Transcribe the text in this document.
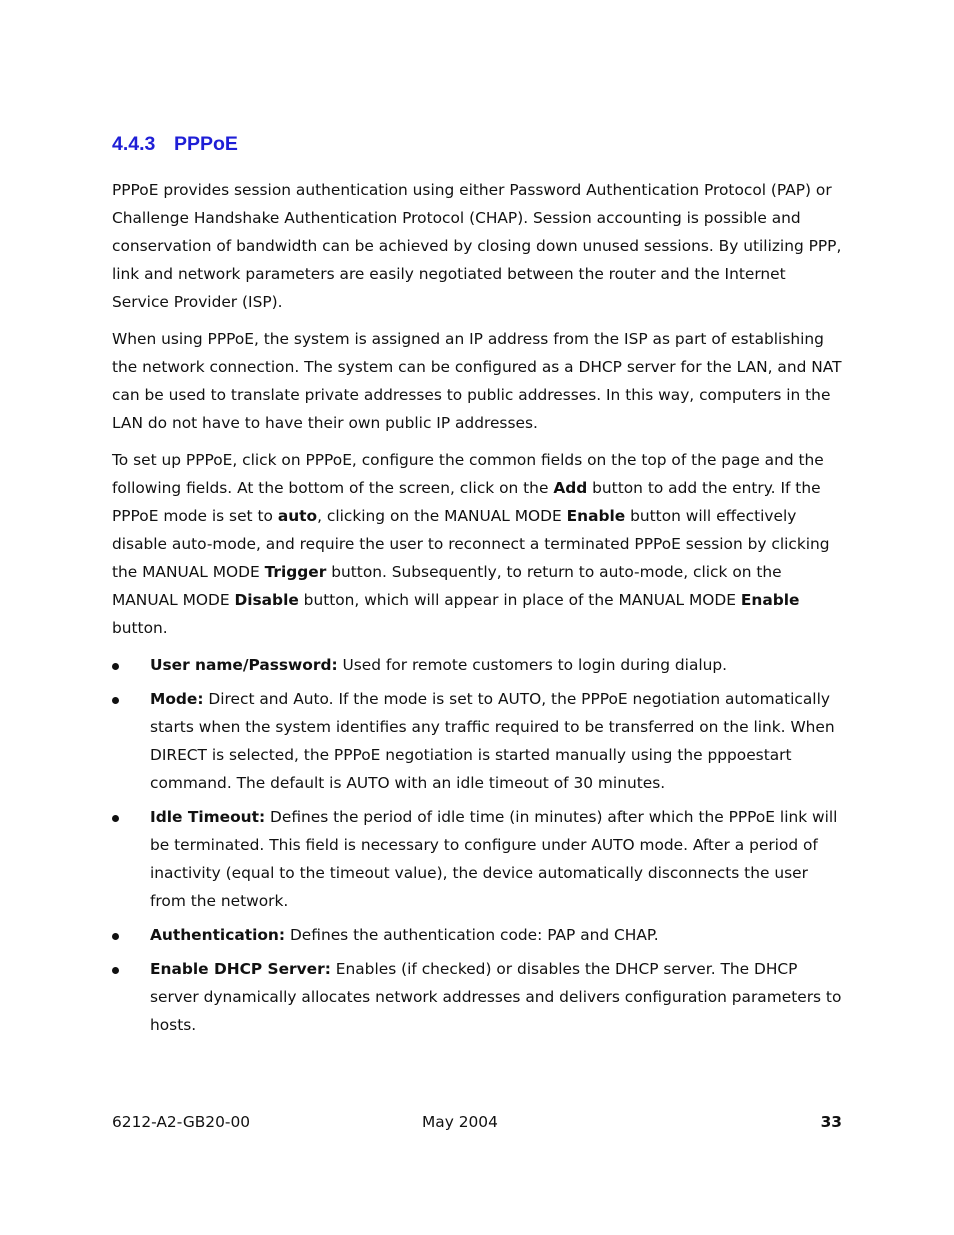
4.4.3 PPPoE

PPPoE provides session authentication using either Password Authentication Protocol (PAP) or Challenge Handshake Authentication Protocol (CHAP). Session accounting is possible and conservation of bandwidth can be achieved by closing down unused sessions. By utilizing PPP, link and network parameters are easily negotiated between the router and the Internet Service Provider (ISP).

When using PPPoE, the system is assigned an IP address from the ISP as part of establishing the network connection. The system can be configured as a DHCP server for the LAN, and NAT can be used to translate private addresses to public addresses. In this way, computers in the LAN do not have to have their own public IP addresses.

To set up PPPoE, click on PPPoE, configure the common fields on the top of the page and the following fields. At the bottom of the screen, click on the Add button to add the entry. If the PPPoE mode is set to auto, clicking on the MANUAL MODE Enable button will effectively disable auto-mode, and require the user to reconnect a terminated PPPoE session by clicking the MANUAL MODE Trigger button. Subsequently, to return to auto-mode, click on the MANUAL MODE Disable button, which will appear in place of the MANUAL MODE Enable button.

User name/Password: Used for remote customers to login during dialup.
Mode: Direct and Auto. If the mode is set to AUTO, the PPPoE negotiation automatically starts when the system identifies any traffic required to be transferred on the link. When DIRECT is selected, the PPPoE negotiation is started manually using the pppoestart command. The default is AUTO with an idle timeout of 30 minutes.
Idle Timeout: Defines the period of idle time (in minutes) after which the PPPoE link will be terminated. This field is necessary to configure under AUTO mode. After a period of inactivity (equal to the timeout value), the device automatically disconnects the user from the network.
Authentication: Defines the authentication code: PAP and CHAP.
Enable DHCP Server: Enables (if checked) or disables the DHCP server. The DHCP server dynamically allocates network addresses and delivers configuration parameters to hosts.
6212-A2-GB20-00	May 2004	33
